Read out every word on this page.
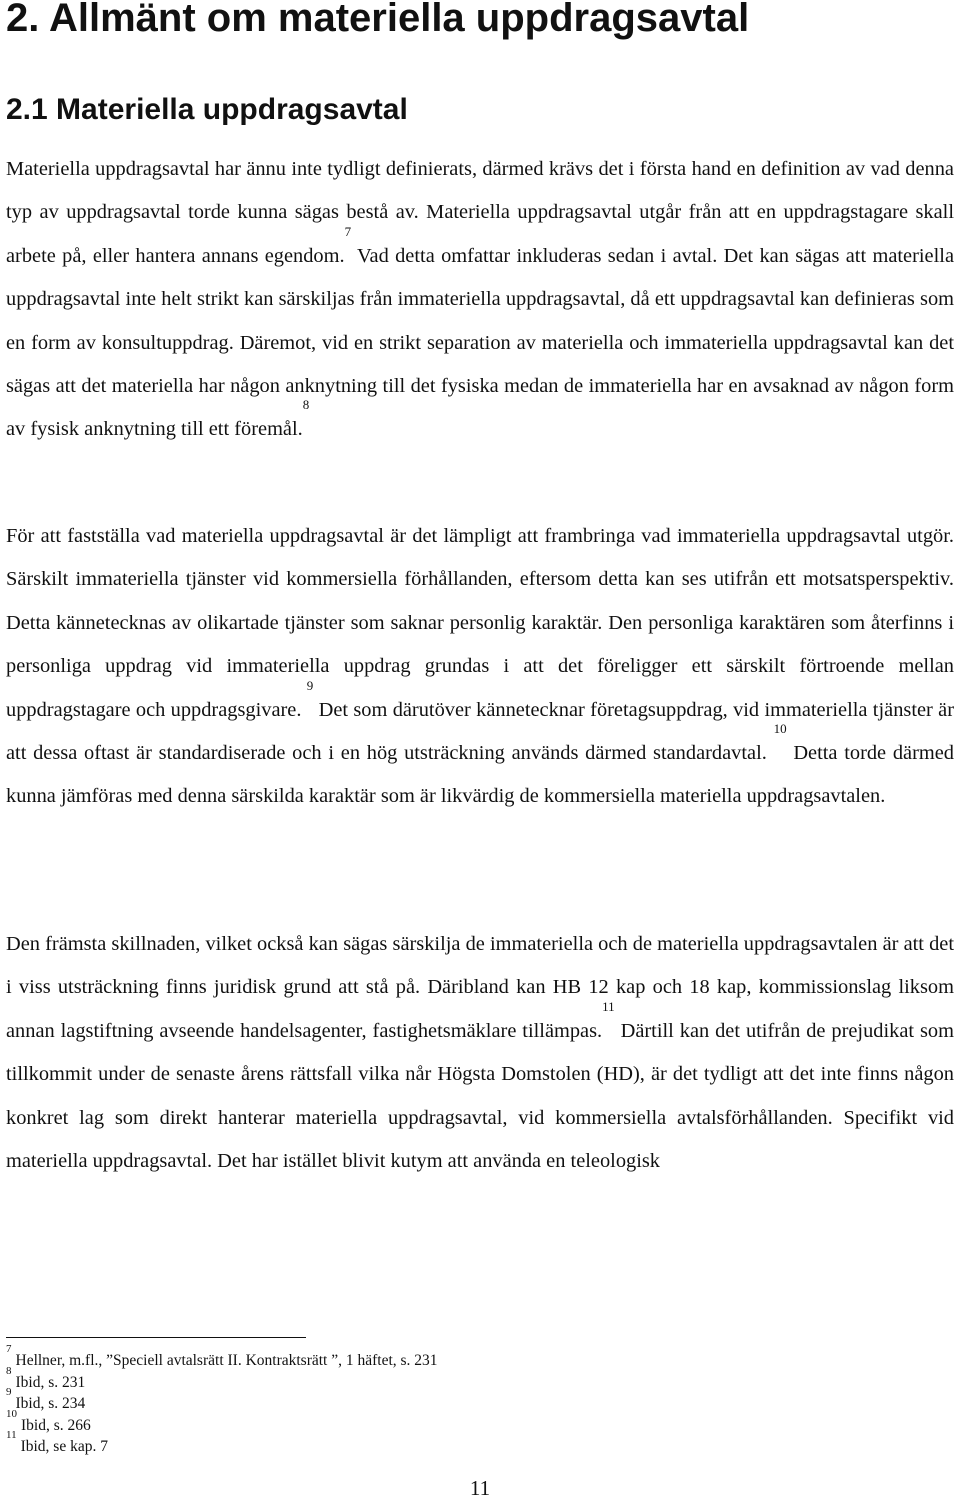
2. Allmänt om materiella uppdragsavtal
2.1 Materiella uppdragsavtal

Materiella uppdragsavtal har ännu inte tydligt definierats, därmed krävs det i första hand en definition av vad denna typ av uppdragsavtal torde kunna sägas bestå av. Materiella uppdragsavtal utgår från att en uppdragstagare skall arbete på, eller hantera annans egendom.$^7$ Vad detta omfattar inkluderas sedan i avtal. Det kan sägas att materiella uppdragsavtal inte helt strikt kan särskiljas från immateriella uppdragsavtal, då ett uppdragsavtal kan definieras som en form av konsultuppdrag. Däremot, vid en strikt separation av materiella och immateriella uppdragsavtal kan det sägas att det materiella har någon anknytning till det fysiska medan de immateriella har en avsaknad av någon form av fysisk anknytning till ett föremål.$^8$

För att fastställa vad materiella uppdragsavtal är det lämpligt att frambringa vad immateriella uppdragsavtal utgör. Särskilt immateriella tjänster vid kommersiella förhållanden, eftersom detta kan ses utifrån ett motsatsperspektiv. Detta kännetecknas av olikartade tjänster som saknar personlig karaktär. Den personliga karaktären som återfinns i personliga uppdrag vid immateriella uppdrag grundas i att det föreligger ett särskilt förtroende mellan uppdragstagare och uppdragsgivare. $^9$ Det som därutöver kännetecknar företagsuppdrag, vid immateriella tjänster är att dessa oftast är standardiserade och i en hög utsträckning används därmed standardavtal. $^{10}$ Detta torde därmed kunna jämföras med denna särskilda karaktär som är likvärdig de kommersiella materiella uppdragsavtalen.

Den främsta skillnaden, vilket också kan sägas särskilja de immateriella och de materiella uppdragsavtalen är att det i viss utsträckning finns juridisk grund att stå på. Däribland kan HB 12 kap och 18 kap, kommissionslag liksom annan lagstiftning avseende handelsagenter, fastighetsmäklare tillämpas.$^{11}$ Därtill kan det utifrån de prejudikat som tillkommit under de senaste årens rättsfall vilka når Högsta Domstolen (HD), är det tydligt att det inte finns någon konkret lag som direkt hanterar materiella uppdragsavtal, vid kommersiella avtalsförhållanden. Specifikt vid materiella uppdragsavtal. Det har istället blivit kutym att använda en teleologisk

$^7$Hellner, m.fl., ”Speciell avtalsrätt II. Kontraktsrätt ”, 1 häftet, s. 231
$^8$Ibid, s. 231
$^9$Ibid, s. 234
$^{10}$Ibid, s. 266
$^{11}$Ibid, se kap. 7
11
